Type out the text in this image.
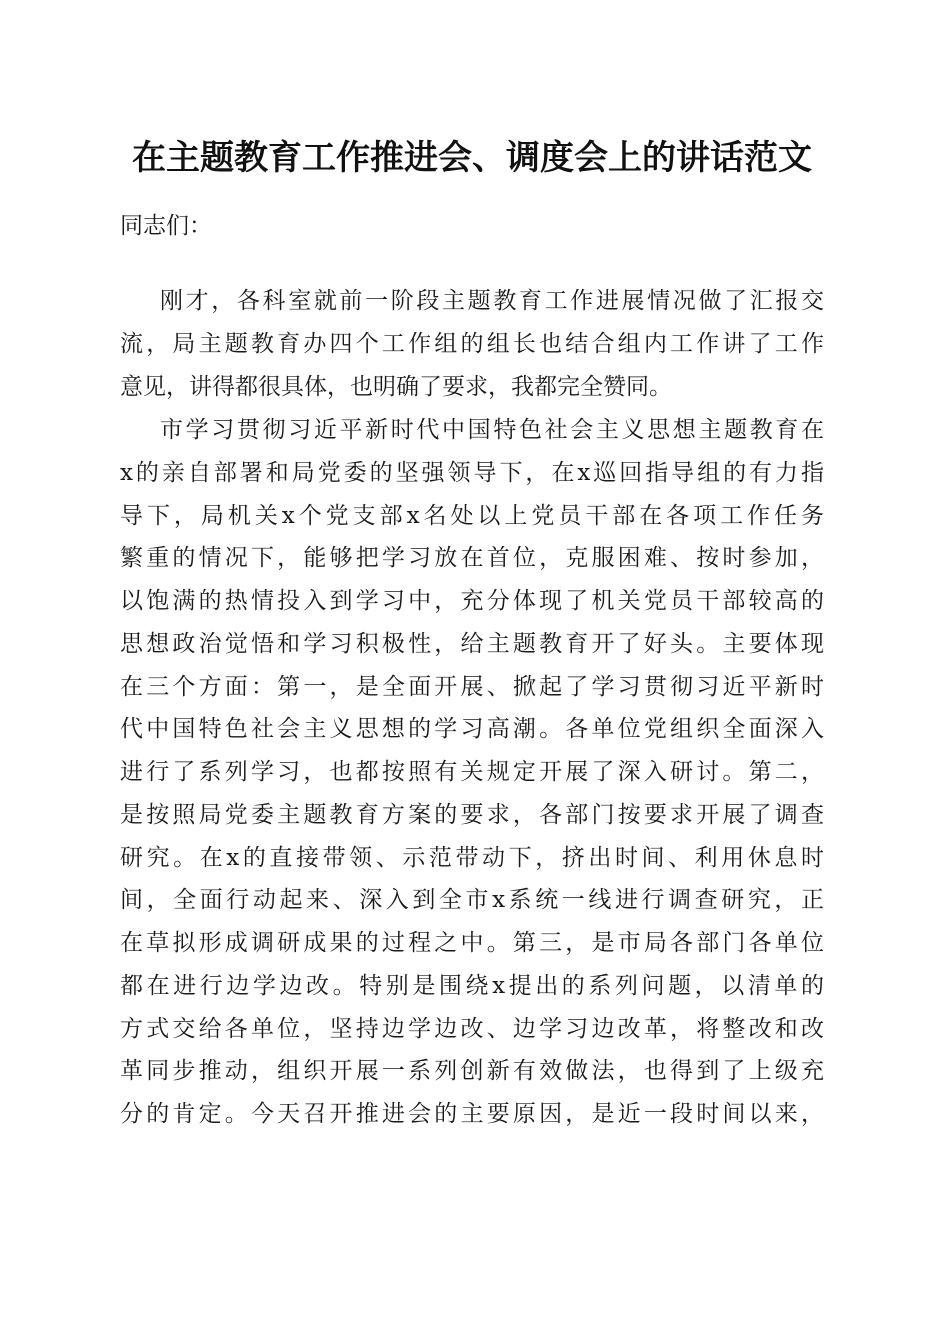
在主题教育工作推进会、调度会上的讲话范文

同志们：

刚才，各科室就前一阶段主题教育工作进展情况做了汇报交
流，局主题教育办四个工作组的组长也结合组内工作讲了工作
意见，讲得都很具体，也明确了要求，我都完全赞同。
市学习贯彻习近平新时代中国特色社会主义思想主题教育在
x的亲自部署和局党委的坚强领导下，在x巡回指导组的有力指
导下，局机关x个党支部x名处以上党员干部在各项工作任务
繁重的情况下，能够把学习放在首位，克服困难、按时参加，
以饱满的热情投入到学习中，充分体现了机关党员干部较高的
思想政治觉悟和学习积极性，给主题教育开了好头。主要体现
在三个方面：第一，是全面开展、掀起了学习贯彻习近平新时
代中国特色社会主义思想的学习高潮。各单位党组织全面深入
进行了系列学习，也都按照有关规定开展了深入研讨。第二，
是按照局党委主题教育方案的要求，各部门按要求开展了调查
研究。在x的直接带领、示范带动下，挤出时间、利用休息时
间，全面行动起来、深入到全市x系统一线进行调查研究，正
在草拟形成调研成果的过程之中。第三，是市局各部门各单位
都在进行边学边改。特别是围绕x提出的系列问题，以清单的
方式交给各单位，坚持边学边改、边学习边改革，将整改和改
革同步推动，组织开展一系列创新有效做法，也得到了上级充
分的肯定。今天召开推进会的主要原因，是近一段时间以来，
